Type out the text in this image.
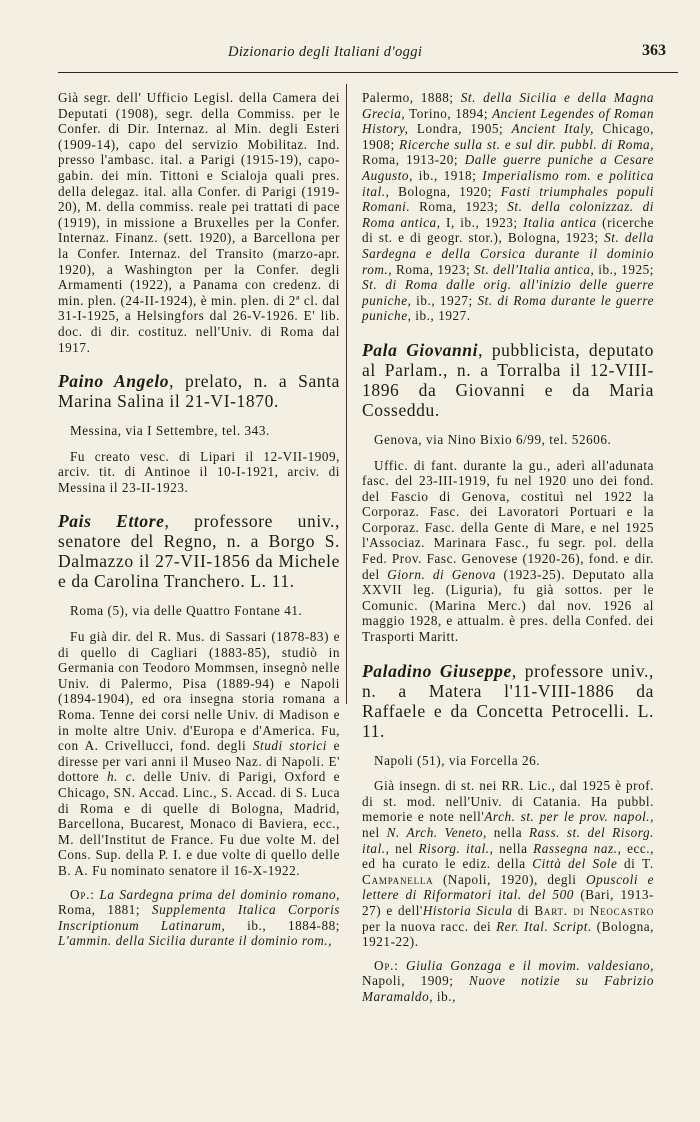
Dizionario degli Italiani d'oggi	363

Già segr. dell' Ufficio Legisl. della Camera dei Deputati (1908), segr. della Commiss. per le Confer. di Dir. Internaz. al Min. degli Esteri (1909-14), capo del servizio Mobilitaz. Ind. presso l'ambasc. ital. a Parigi (1915-19), capo-gabin. dei min. Tittoni e Scialoja quali pres. della delegaz. ital. alla Confer. di Parigi (1919-20), M. della commiss. reale pei trattati di pace (1919), in missione a Bruxelles per la Confer. Internaz. Finanz. (sett. 1920), a Barcellona per la Confer. Internaz. del Transito (marzo-apr. 1920), a Washington per la Confer. degli Armamenti (1922), a Panama con credenz. di min. plen. (24-II-1924), è min. plen. di 2ª cl. dal 31-I-1925, a Helsingfors dal 26-V-1926. E' lib. doc. di dir. costituz. nell'Univ. di Roma dal 1917.

Paino Angelo, prelato, n. a Santa Marina Salina il 21-VI-1870.

Messina, via I Settembre, tel. 343.

Fu creato vesc. di Lipari il 12-VII-1909, arciv. tit. di Antinoe il 10-I-1921, arciv. di Messina il 23-II-1923.

Pais Ettore, professore univ., senatore del Regno, n. a Borgo S. Dalmazzo il 27-VII-1856 da Michele e da Carolina Tranchero. L. 11.

Roma (5), via delle Quattro Fontane 41.

Fu già dir. del R. Mus. di Sassari (1878-83) e di quello di Cagliari (1883-85), studiò in Germania con Teodoro Mommsen, insegnò nelle Univ. di Palermo, Pisa (1889-94) e Napoli (1894-1904), ed ora insegna storia romana a Roma. Tenne dei corsi nelle Univ. di Madison e in molte altre Univ. d'Europa e d'America. Fu, con A. Crivellucci, fond. degli Studi storici e diresse per vari anni il Museo Naz. di Napoli. E' dottore h. c. delle Univ. di Parigi, Oxford e Chicago, SN. Accad. Linc., S. Accad. di S. Luca di Roma e di quelle di Bologna, Madrid, Barcellona, Bucarest, Monaco di Baviera, ecc., M. dell'Institut de France. Fu due volte M. del Cons. Sup. della P. I. e due volte di quello delle B. A. Fu nominato senatore il 16-X-1922.

Op.: La Sardegna prima del dominio romano, Roma, 1881; Supplementa Italica Corporis Inscriptionum Latinarum, ib., 1884-88; L'ammin. della Sicilia durante il dominio rom.,

Palermo, 1888; St. della Sicilia e della Magna Grecia, Torino, 1894; Ancient Legendes of Roman History, Londra, 1905; Ancient Italy, Chicago, 1908; Ricerche sulla st. e sul dir. pubbl. di Roma, Roma, 1913-20; Dalle guerre puniche a Cesare Augusto, ib., 1918; Imperialismo rom. e politica ital., Bologna, 1920; Fasti triumphales populi Romani. Roma, 1923; St. della colonizzaz. di Roma antica, I, ib., 1923; Italia antica (ricerche di st. e di geogr. stor.), Bologna, 1923; St. della Sardegna e della Corsica durante il dominio rom., Roma, 1923; St. dell'Italia antica, ib., 1925; St. di Roma dalle orig. all'inizio delle guerre puniche, ib., 1927; St. di Roma durante le guerre puniche, ib., 1927.

Pala Giovanni, pubblicista, deputato al Parlam., n. a Torralba il 12-VIII-1896 da Giovanni e da Maria Cosseddu.

Genova, via Nino Bixio 6/99, tel. 52606.

Uffic. di fant. durante la gu., aderì all'adunata fasc. del 23-III-1919, fu nel 1920 uno dei fond. del Fascio di Genova, costituì nel 1922 la Corporaz. Fasc. dei Lavoratori Portuari e la Corporaz. Fasc. della Gente di Mare, e nel 1925 l'Associaz. Marinara Fasc., fu segr. pol. della Fed. Prov. Fasc. Genovese (1920-26), fond. e dir. del Giorn. di Genova (1923-25). Deputato alla XXVII leg. (Liguria), fu già sottos. per le Comunic. (Marina Merc.) dal nov. 1926 al maggio 1928, e attualm. è pres. della Confed. dei Trasporti Maritt.

Paladino Giuseppe, professore univ., n. a Matera l'11-VIII-1886 da Raffaele e da Concetta Petrocelli. L. 11.

Napoli (51), via Forcella 26.

Già insegn. di st. nei RR. Lic., dal 1925 è prof. di st. mod. nell'Univ. di Catania. Ha pubbl. memorie e note nell'Arch. st. per le prov. napol., nel N. Arch. Veneto, nella Rass. st. del Risorg. ital., nel Risorg. ital., nella Rassegna naz., ecc., ed ha curato le ediz. della Città del Sole di T. Campanella (Napoli, 1920), degli Opuscoli e lettere di Riformatori ital. del 500 (Bari, 1913-27) e dell'Historia Sicula di Bart. di Neocastro per la nuova racc. dei Rer. Ital. Script. (Bologna, 1921-22).

Op.: Giulia Gonzaga e il movim. valdesiano, Napoli, 1909; Nuove notizie su Fabrizio Maramaldo, ib.,
